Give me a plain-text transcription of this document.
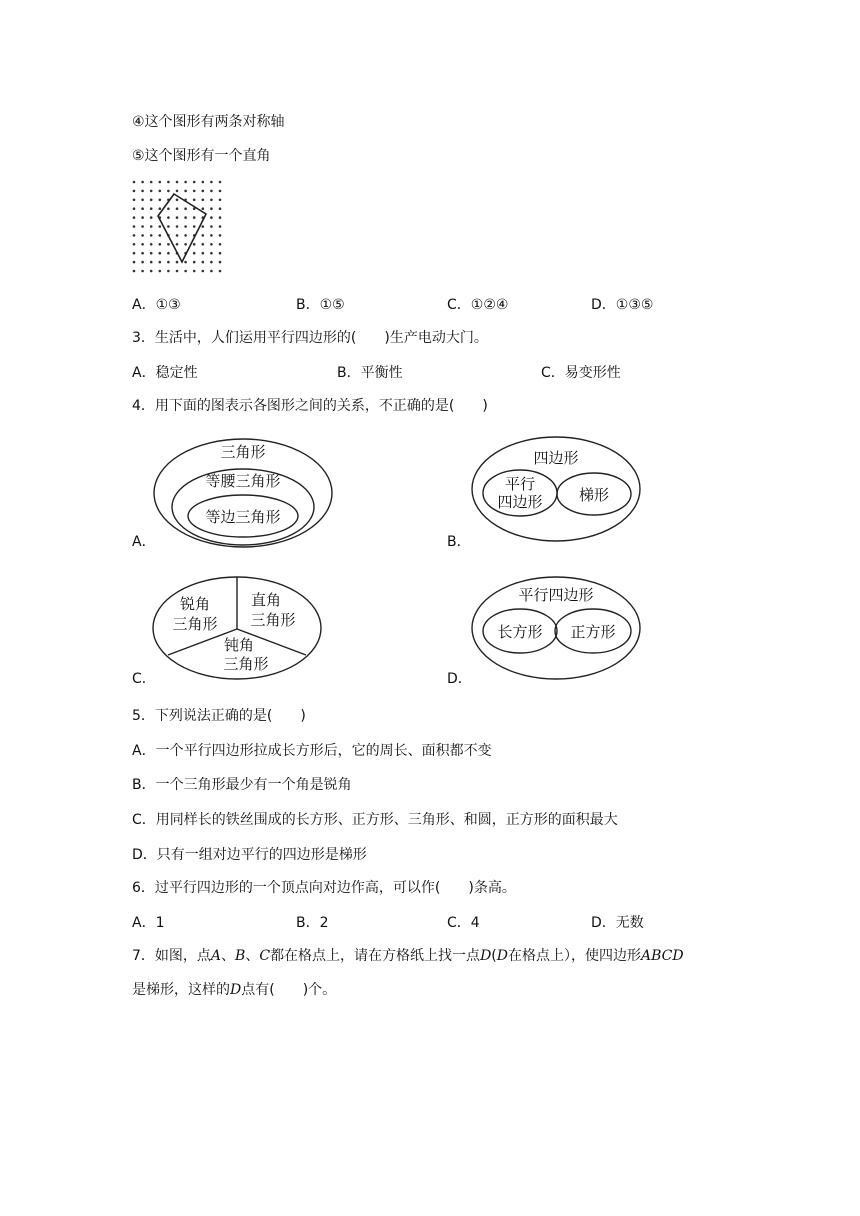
④这个图形有两条对称轴
⑤这个图形有一个直角
A．①③	B．①⑤	C．①②④	D．①③⑤
3．生活中，人们运用平行四边形的(　　)生产电动大门。
A．稳定性	B．平衡性	C．易变形性
4．用下面的图表示各图形之间的关系，不正确的是(　　)
三角形
等腰三角形
等边三角形
A．
四边形
平行
四边形 梯形
B．
锐角
三角形
直角
三角形
钝角
三角形
C．
平行四边形
长方形 正方形
D．
5．下列说法正确的是(　　)
A．一个平行四边形拉成长方形后，它的周长、面积都不变
B．一个三角形最少有一个角是锐角
C．用同样长的铁丝围成的长方形、正方形、三角形、和圆，正方形的面积最大
D．只有一组对边平行的四边形是梯形
6．过平行四边形的一个顶点向对边作高，可以作(　　)条高。
A．1	B．2	C．4	D．无数
7．如图，点A、B、C都在格点上，请在方格纸上找一点D(D在格点上），使四边形ABCD
是梯形，这样的D点有(　　)个。
